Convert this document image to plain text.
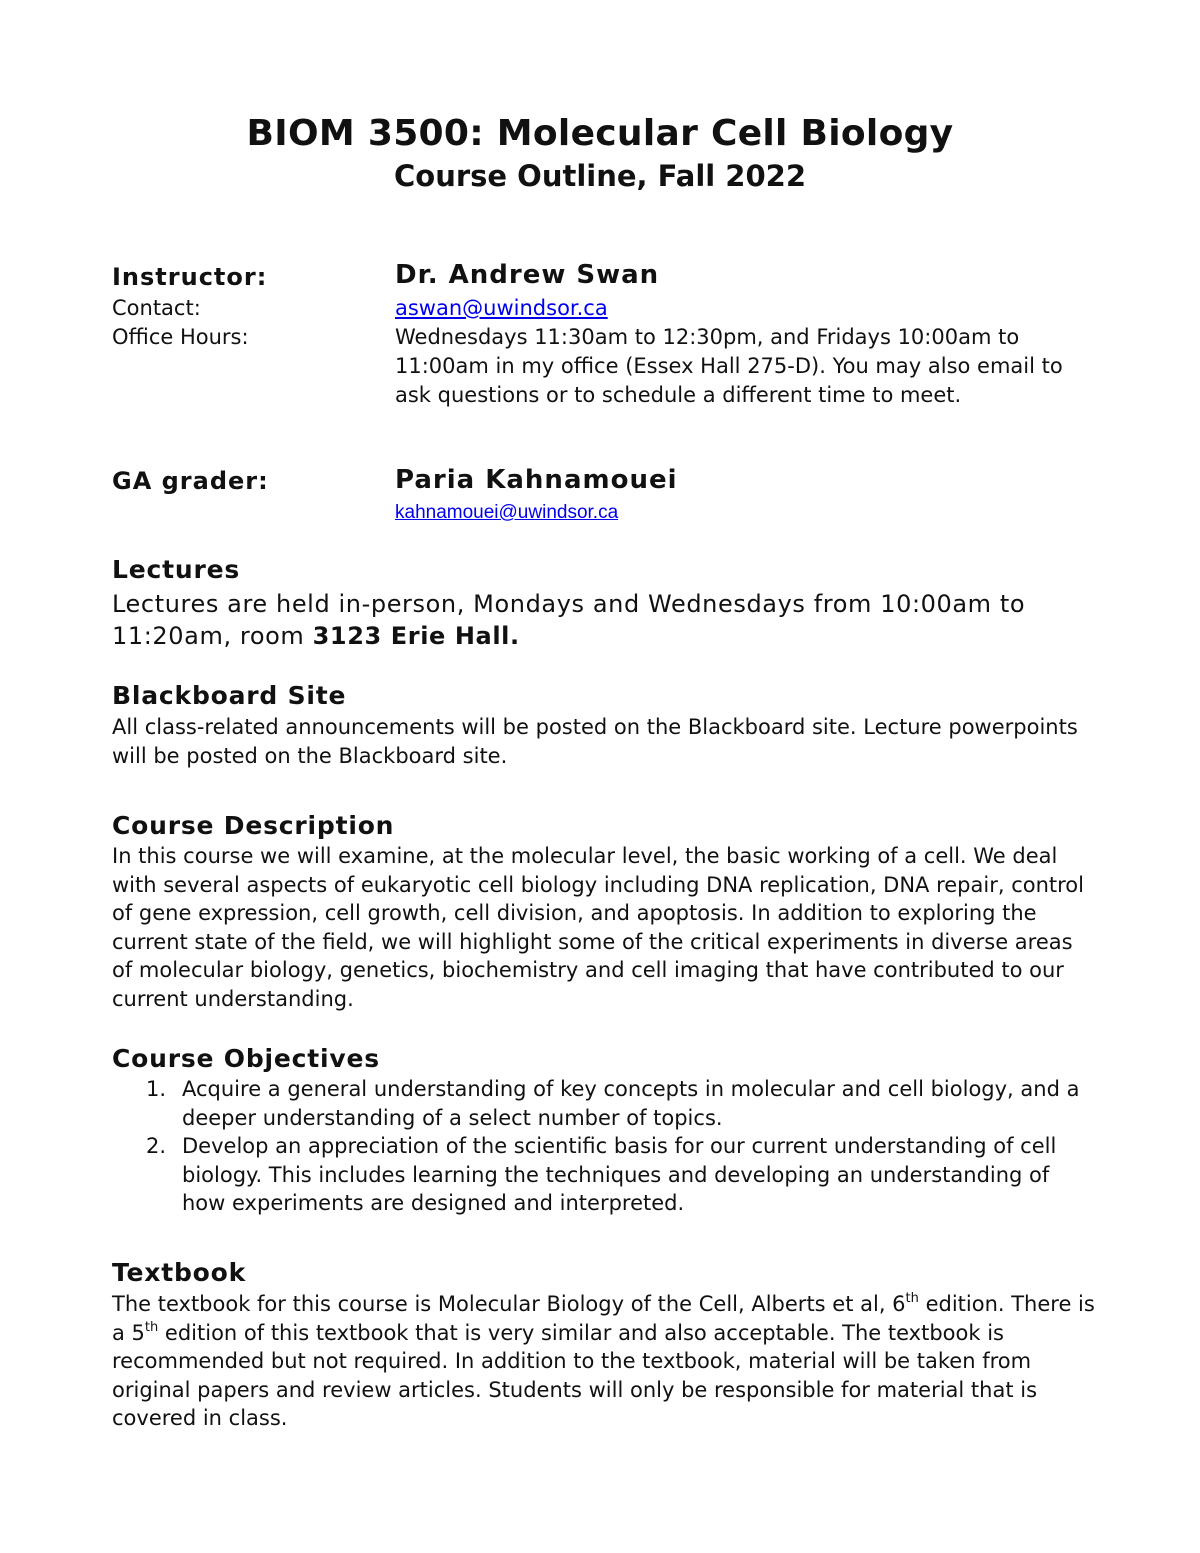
BIOM 3500: Molecular Cell Biology
Course Outline, Fall 2022
Instructor:	Dr. Andrew Swan
Contact:	aswan@uwindsor.ca
Office Hours:	Wednesdays 11:30am to 12:30pm, and Fridays 10:00am to 11:00am in my office (Essex Hall 275-D). You may also email to ask questions or to schedule a different time to meet.
GA grader:	Paria Kahnamouei
kahnamouei@uwindsor.ca
Lectures
Lectures are held in-person, Mondays and Wednesdays from 10:00am to 11:20am, room 3123 Erie Hall.
Blackboard Site
All class-related announcements will be posted on the Blackboard site. Lecture powerpoints will be posted on the Blackboard site.
Course Description
In this course we will examine, at the molecular level, the basic working of a cell. We deal with several aspects of eukaryotic cell biology including DNA replication, DNA repair, control of gene expression, cell growth, cell division, and apoptosis. In addition to exploring the current state of the field, we will highlight some of the critical experiments in diverse areas of molecular biology, genetics, biochemistry and cell imaging that have contributed to our current understanding.
Course Objectives
1. Acquire a general understanding of key concepts in molecular and cell biology, and a deeper understanding of a select number of topics.
2. Develop an appreciation of the scientific basis for our current understanding of cell biology. This includes learning the techniques and developing an understanding of how experiments are designed and interpreted.
Textbook
The textbook for this course is Molecular Biology of the Cell, Alberts et al, 6th edition. There is a 5th edition of this textbook that is very similar and also acceptable. The textbook is recommended but not required. In addition to the textbook, material will be taken from original papers and review articles. Students will only be responsible for material that is covered in class.
